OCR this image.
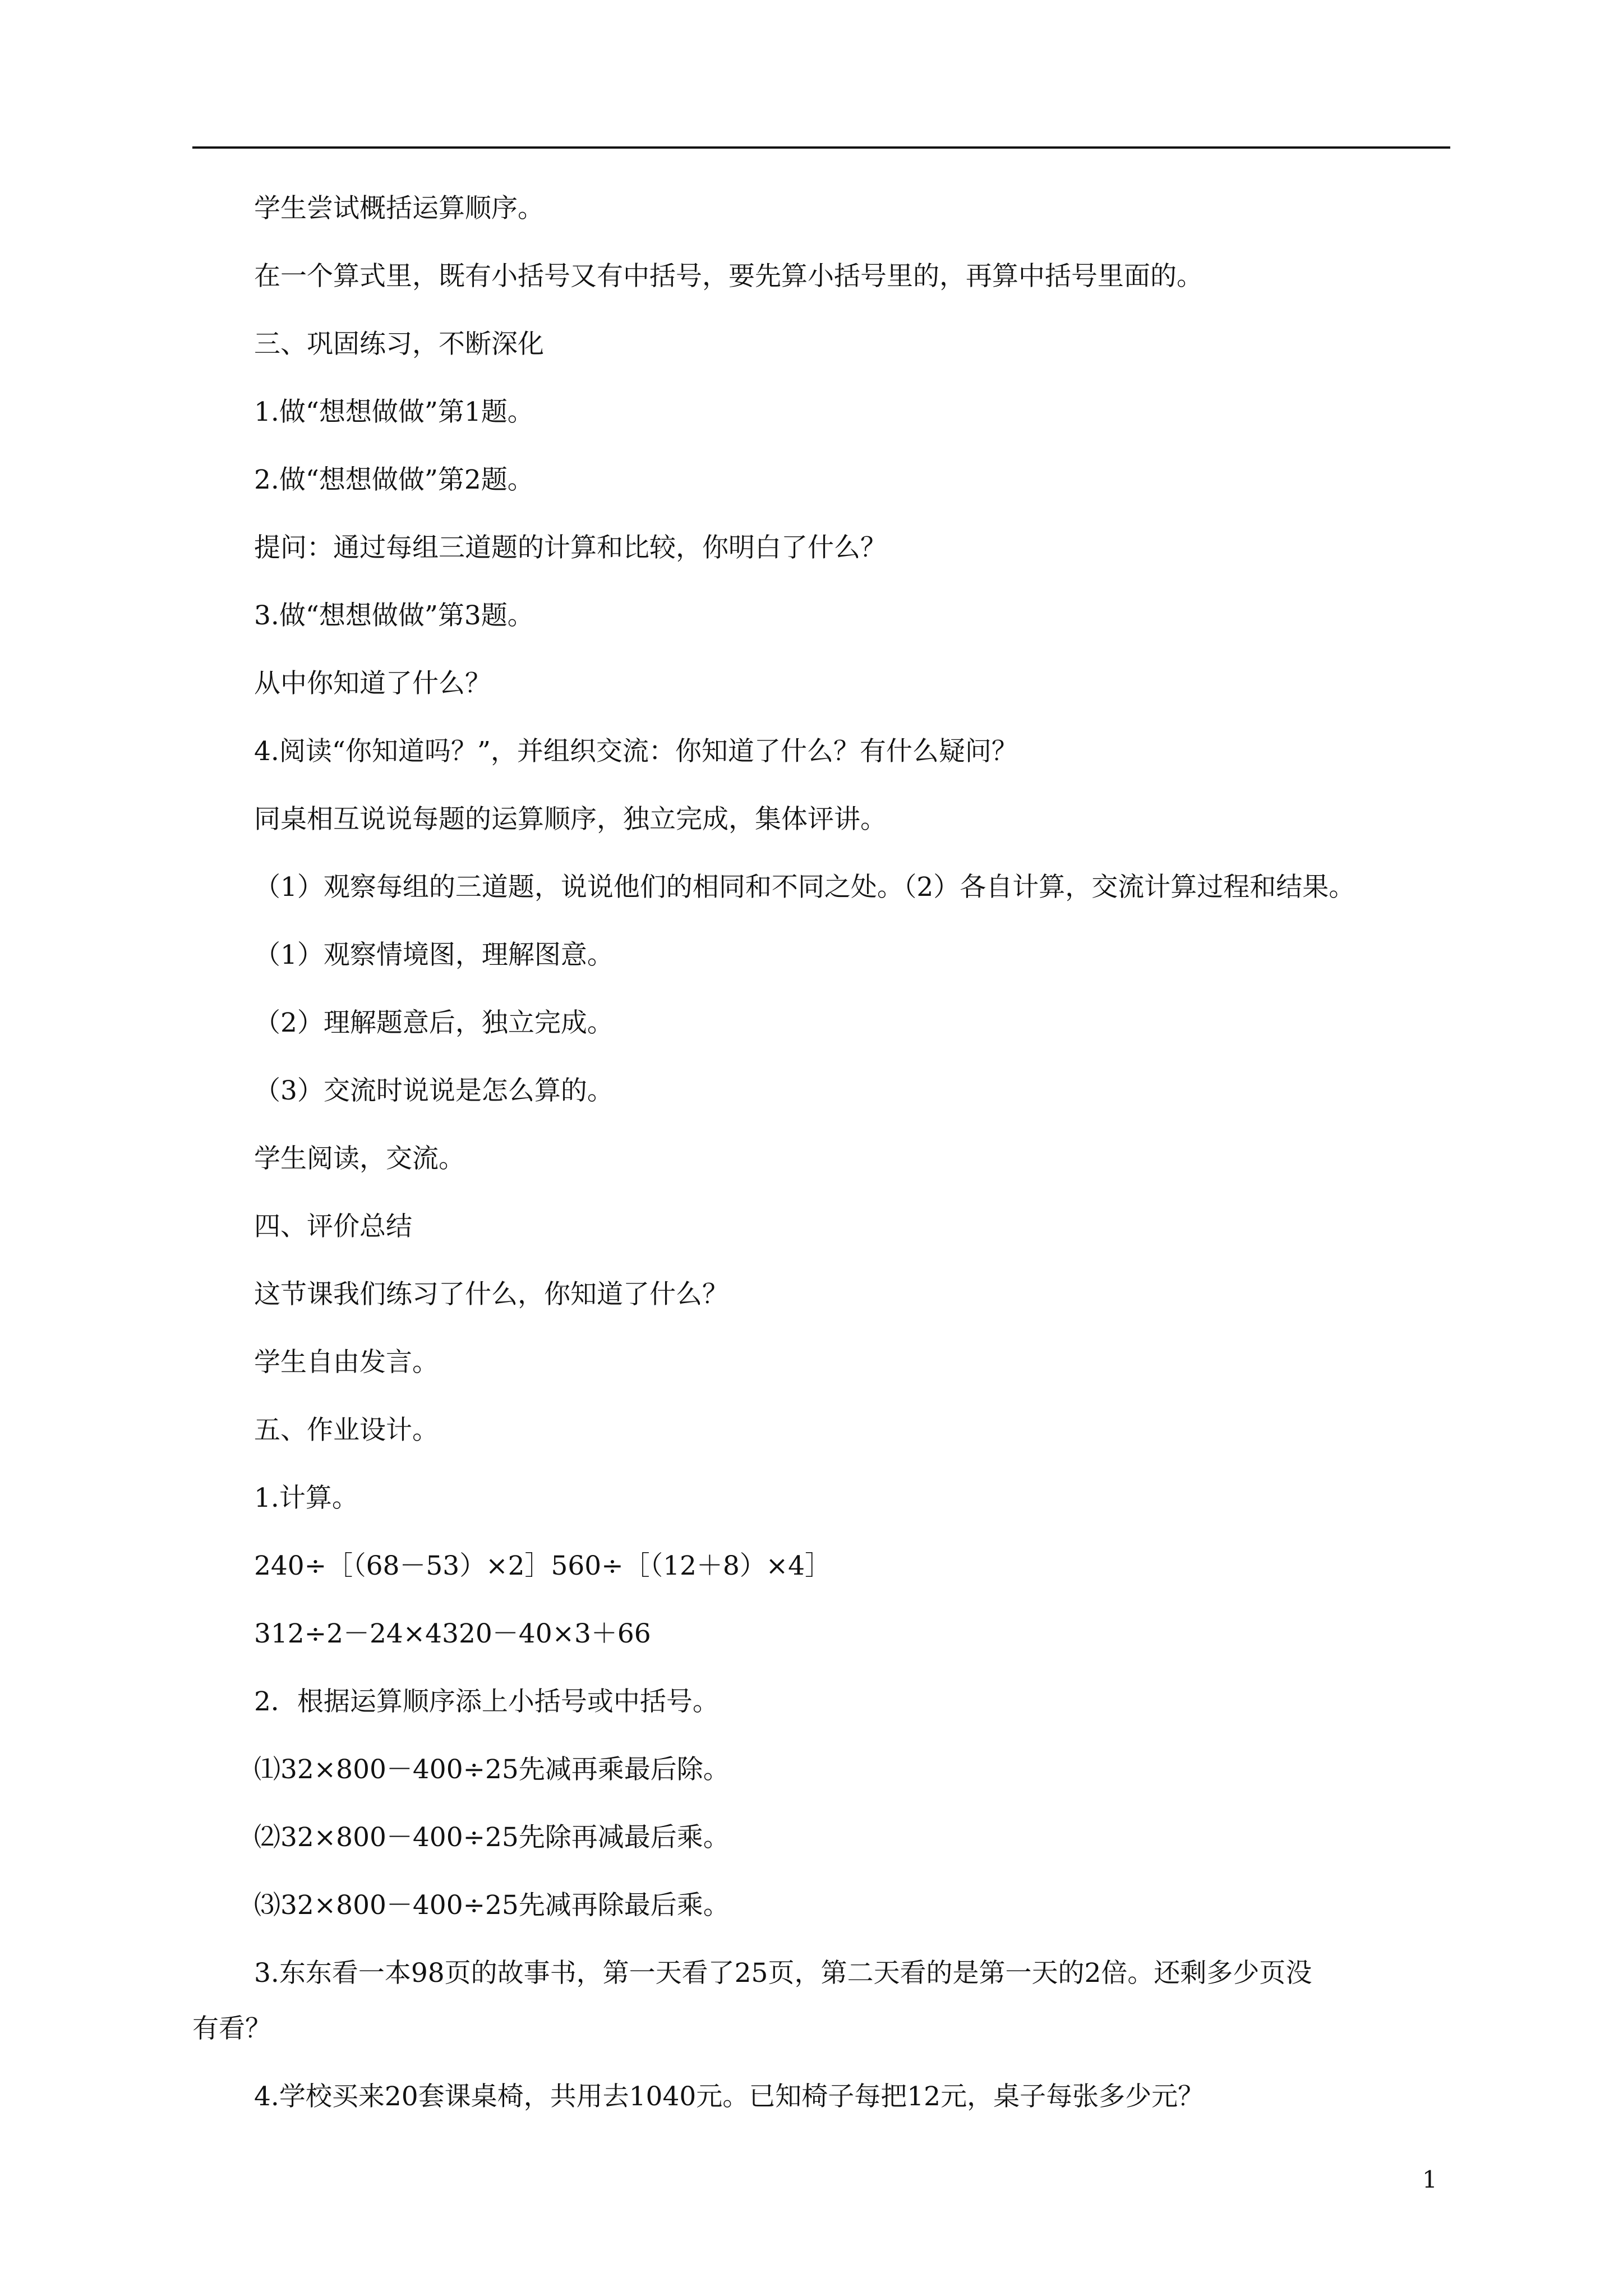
学生尝试概括运算顺序。
在一个算式里，既有小括号又有中括号，要先算小括号里的，再算中括号里面的。
三、巩固练习，不断深化
1.做“想想做做”第1题。
2.做“想想做做”第2题。
提问：通过每组三道题的计算和比较，你明白了什么？
3.做“想想做做”第3题。
从中你知道了什么？
4.阅读“你知道吗？”，并组织交流：你知道了什么？有什么疑问？
同桌相互说说每题的运算顺序，独立完成，集体评讲。
（1）观察每组的三道题，说说他们的相同和不同之处。（2）各自计算，交流计算过程和结果。
（1）观察情境图，理解图意。
（2）理解题意后，独立完成。
（3）交流时说说是怎么算的。
学生阅读，交流。
四、评价总结
这节课我们练习了什么，你知道了什么？
学生自由发言。
五、作业设计。
1.计算。
240÷［（68－53）×2］560÷［（12＋8）×4］
312÷2－24×4320－40×3＋66
2．根据运算顺序添上小括号或中括号。
⑴32×800－400÷25先减再乘最后除。
⑵32×800－400÷25先除再减最后乘。
⑶32×800－400÷25先减再除最后乘。
3.东东看一本98页的故事书，第一天看了25页，第二天看的是第一天的2倍。还剩多少页没
有看？
4.学校买来20套课桌椅，共用去1040元。已知椅子每把12元，桌子每张多少元？
1
